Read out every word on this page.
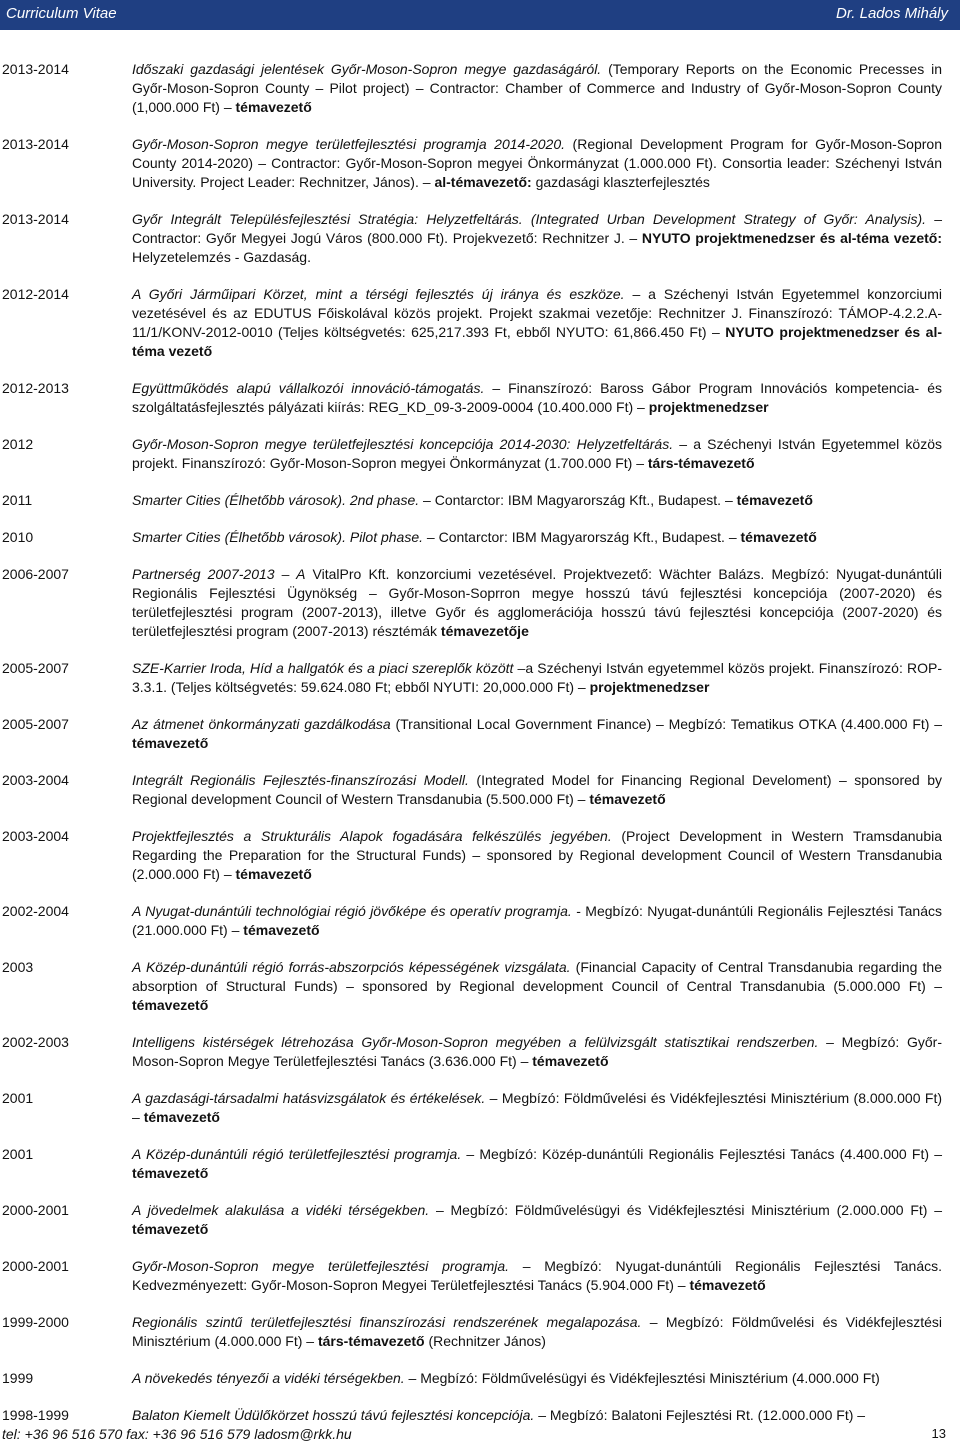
Curriculum Vitae	Dr. Lados Mihály
2013-2014	Időszaki gazdasági jelentések Győr-Moson-Sopron megye gazdaságáról. (Temporary Reports on the Economic Precesses in Győr-Moson-Sopron County – Pilot project) – Contractor: Chamber of Commerce and Industry of Győr-Moson-Sopron County (1,000.000 Ft) – témavezető
2013-2014	Győr-Moson-Sopron megye területfejlesztési programja 2014-2020. (Regional Development Program for Győr-Moson-Sopron County 2014-2020) – Contractor: Győr-Moson-Sopron megyei Önkormányzat (1.000.000 Ft). Consortia leader: Széchenyi István University. Project Leader: Rechnitzer, János). – al-témavezető: gazdasági klaszterfejlesztés
2013-2014	Győr Integrált Településfejlesztési Stratégia: Helyzetfeltárás. (Integrated Urban Development Strategy of Győr: Analysis). – Contractor: Győr Megyei Jogú Város (800.000 Ft). Projekvezető: Rechnitzer J. – NYUTO projektmenedzser és al-téma vezető: Helyzetelemzés - Gazdaság.
2012-2014	A Győri Járműipari Körzet, mint a térségi fejlesztés új iránya és eszköze. – a Széchenyi István Egyetemmel konzorciumi vezetésével és az EDUTUS Főiskolával közös projekt. Projekt szakmai vezetője: Rechnitzer J. Finanszírozó: TÁMOP-4.2.2.A-11/1/KONV-2012-0010 (Teljes költségvetés: 625,217.393 Ft, ebből NYUTO: 61,866.450 Ft) – NYUTO projektmenedzser és al-téma vezető
2012-2013	Együttműködés alapú vállalkozói innováció-támogatás. – Finanszírozó: Baross Gábor Program Innovációs kompetencia- és szolgáltatásfejlesztés pályázati kiírás: REG_KD_09-3-2009-0004 (10.400.000 Ft) – projektmenedzser
2012	Győr-Moson-Sopron megye területfejlesztési koncepciója 2014-2030: Helyzetfeltárás. – a Széchenyi István Egyetemmel közös projekt. Finanszírozó: Győr-Moson-Sopron megyei Önkormányzat (1.700.000 Ft) – társ-témavezető
2011	Smarter Cities (Élhetőbb városok). 2nd phase. – Contarctor: IBM Magyarország Kft., Budapest. – témavezető
2010	Smarter Cities (Élhetőbb városok). Pilot phase. – Contarctor: IBM Magyarország Kft., Budapest. – témavezető
2006-2007	Partnerség 2007-2013 – A VitalPro Kft. konzorciumi vezetésével. Projektvezető: Wächter Balázs. Megbízó: Nyugat-dunántúli Regionális Fejlesztési Ügynökség – Győr-Moson-Soprron megye hosszú távú fejlesztési koncepciója (2007-2020) és területfejlesztési program (2007-2013), illetve Győr és agglomerációja hosszú távú fejlesztési koncepciója (2007-2020) és területfejlesztési program (2007-2013) résztémák témavezetője
2005-2007	SZE-Karrier Iroda, Híd a hallgatók és a piaci szereplők között –a Széchenyi István egyetemmel közös projekt. Finanszírozó: ROP-3.3.1. (Teljes költségvetés: 59.624.080 Ft; ebből NYUTI: 20,000.000 Ft) – projektmenedzser
2005-2007	Az átmenet önkormányzati gazdálkodása (Transitional Local Government Finance) – Megbízó: Tematikus OTKA (4.400.000 Ft) – témavezető
2003-2004	Integrált Regionális Fejlesztés-finanszírozási Modell. (Integrated Model for Financing Regional Develoment) – sponsored by Regional development Council of Western Transdanubia (5.500.000 Ft) – témavezető
2003-2004	Projektfejlesztés a Strukturális Alapok fogadására felkészülés jegyében. (Project Development in Western Tramsdanubia Regarding the Preparation for the Structural Funds) – sponsored by Regional development Council of Western Transdanubia (2.000.000 Ft) – témavezető
2002-2004	A Nyugat-dunántúli technológiai régió jövőképe és operatív programja. - Megbízó: Nyugat-dunántúli Regionális Fejlesztési Tanács (21.000.000 Ft) – témavezető
2003	A Közép-dunántúli régió forrás-abszorpciós képességének vizsgálata. (Financial Capacity of Central Transdanubia regarding the absorption of Structural Funds) – sponsored by Regional development Council of Central Transdanubia (5.000.000 Ft) – témavezető
2002-2003	Intelligens kistérségek létrehozása Győr-Moson-Sopron megyében a felülvizsgált statisztikai rendszerben. – Megbízó: Győr-Moson-Sopron Megye Területfejlesztési Tanács (3.636.000 Ft) – témavezető
2001	A gazdasági-társadalmi hatásvizsgálatok és értékelések. – Megbízó: Földművelési és Vidékfejlesztési Minisztérium (8.000.000 Ft) – témavezető
2001	A Közép-dunántúli régió területfejlesztési programja. – Megbízó: Közép-dunántúli Regionális Fejlesztési Tanács (4.400.000 Ft) – témavezető
2000-2001	A jövedelmek alakulása a vidéki térségekben. – Megbízó: Földművelésügyi és Vidékfejlesztési Minisztérium (2.000.000 Ft) – témavezető
2000-2001	Győr-Moson-Sopron megye területfejlesztési programja. – Megbízó: Nyugat-dunántúli Regionális Fejlesztési Tanács. Kedvezményezett: Győr-Moson-Sopron Megyei Területfejlesztési Tanács (5.904.000 Ft) – témavezető
1999-2000	Regionális szintű területfejlesztési finanszírozási rendszerének megalapozása. – Megbízó: Földművelési és Vidékfejlesztési Minisztérium (4.000.000 Ft) – társ-témavezető (Rechnitzer János)
1999	A növekedés tényezői a vidéki térségekben. – Megbízó: Földművelésügyi és Vidékfejlesztési Minisztérium (4.000.000 Ft)
1998-1999	Balaton Kiemelt Üdülőkörzet hosszú távú fejlesztési koncepciója. – Megbízó: Balatoni Fejlesztési Rt. (12.000.000 Ft) –
tel: +36 96 516 570 fax: +36 96 516 579 ladosm@rkk.hu	13
